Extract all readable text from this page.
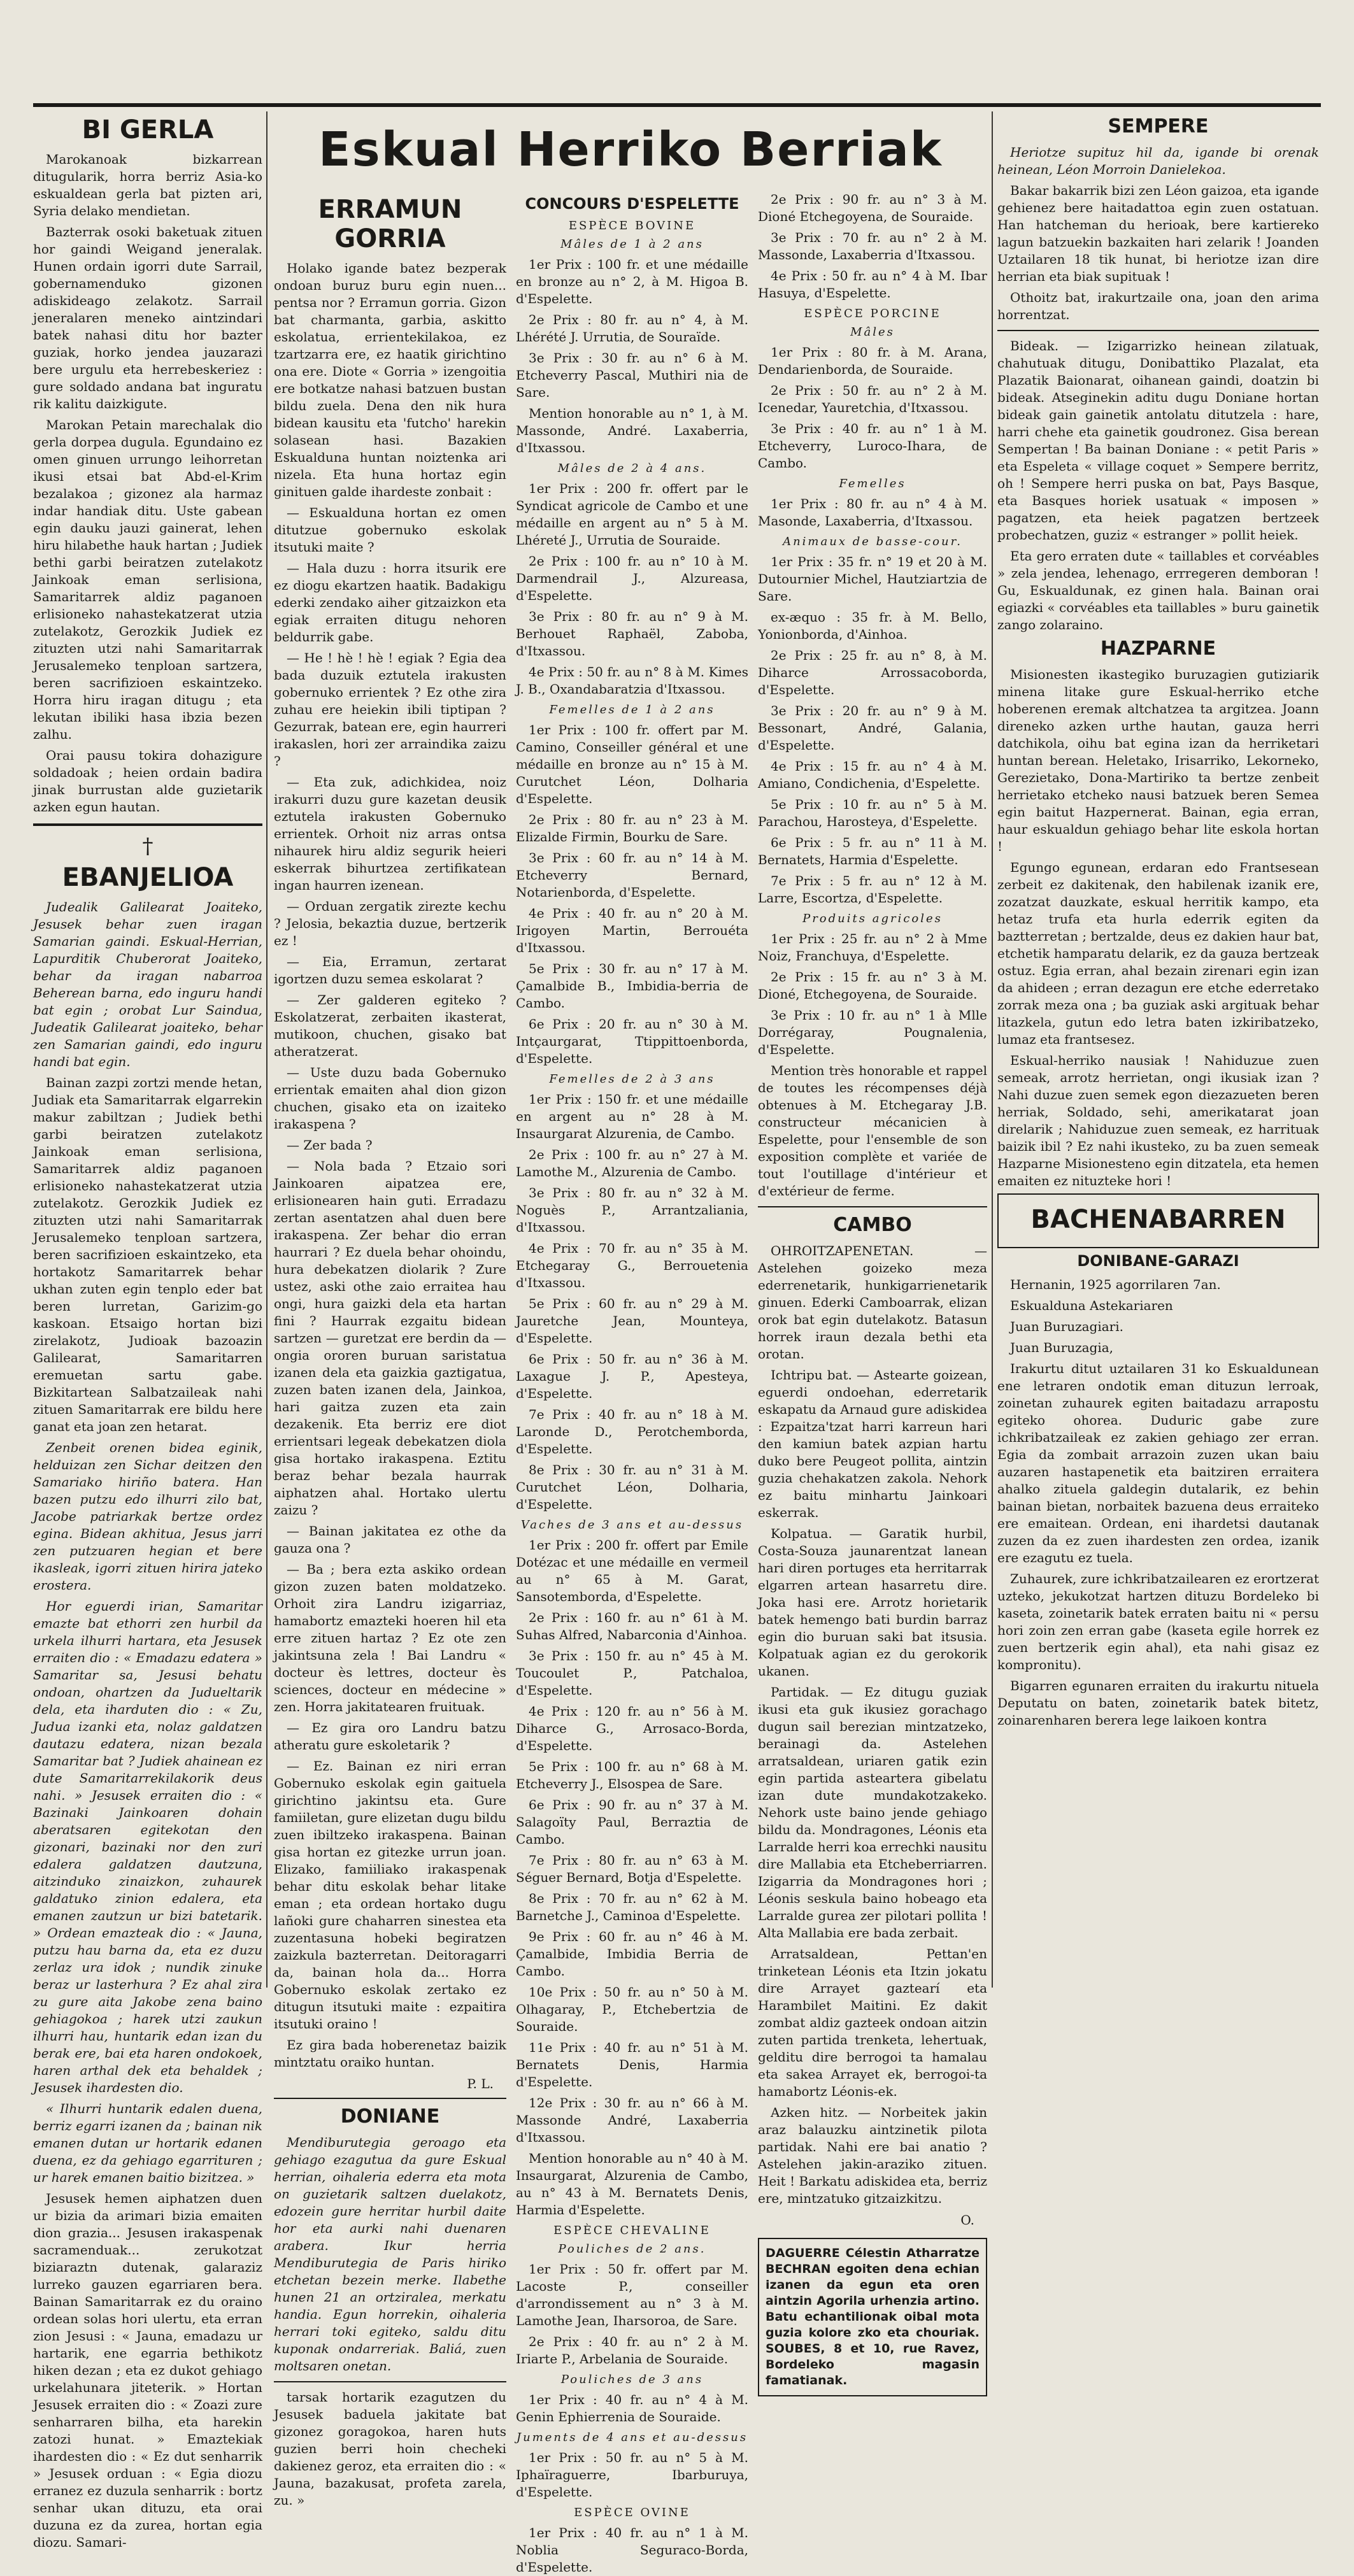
Eskual Herriko Berriak
BI GERLA

Marokanoak bizkarrean ditugularik, horra berriz Asia-ko eskualdean gerla bat pizten ari, Syria delako mendietan.

Bazterrak osoki baketuak zituen hor gaindi Weigand jeneralak. Hunen ordain igorri dute Sarrail, gobernamenduko gizonen adiskideago zelakotz. Sarrail jeneralaren meneko aintzindari batek nahasi ditu hor bazter guziak, horko jendea jauzarazi bere urgulu eta herrebeskeriez : gure soldado andana bat inguratu rik kalitu daizkigute.

Marokan Petain marechalak dio gerla dorpea dugula. Egundaino ez omen ginuen urrungo leihorretan ikusi etsai bat Abd-el-Krim bezalakoa ; gizonez ala harmaz indar handiak ditu. Uste gabean egin dauku jauzi gainerat, lehen hiru hilabethe hauk hartan ; Judiek bethi garbi beiratzen zutelakotz Jainkoak eman serlisiona, Samaritarrek aldiz paganoen erlisioneko nahastekatzerat utzia zutelakotz, Gerozkik Judiek ez zituzten utzi nahi Samaritarrak Jerusalemeko tenploan sartzera, beren sacrifizioen eskaintzeko. Horra hiru iragan ditugu ; eta lekutan ibiliki hasa ibzia bezen zalhu.

Orai pausu tokira dohazigure soldadoak ; heien ordain badira jinak burrustan alde guzietarik azken egun hautan.

†
EBANJELIOA

Judealik Galilearat Joaiteko, Jesusek behar zuen iragan Samarian gaindi. Eskual-Herrian, Lapurditik Chuberorat Joaiteko, behar da iragan nabarroa Beherean barna, edo inguru handi bat egin ; orobat Lur Saindua, Judeatik Galilearat joaiteko, behar zen Samarian gaindi, edo inguru handi bat egin.

Bainan zazpi zortzi mende hetan, Judiak eta Samaritarrak elgarrekin makur zabiltzan ; Judiek bethi garbi beiratzen zutelakotz Jainkoak eman serlisiona, Samaritarrek aldiz paganoen erlisioneko nahastekatzerat utzia zutelakotz. Gerozkik Judiek ez zituzten utzi nahi Samaritarrak Jerusalemeko tenploan sartzera, beren sacrifizioen eskaintzeko, eta hortakotz Samaritarrek behar ukhan zuten egin tenplo eder bat beren lurretan, Garizim-go kaskoan. Etsaigo hortan bizi zirelakotz, Judioak bazoazin Galilearat, Samaritarren eremuetan sartu gabe. Bizkitartean Salbatzaileak nahi zituen Samaritarrak ere bildu here ganat eta joan zen hetarat.

Zenbeit orenen bidea eginik, helduizan zen Sichar deitzen den Samariako hiriño batera. Han bazen putzu edo ilhurri zilo bat, Jacobe patriarkak bertze ordez egina. Bidean akhitua, Jesus jarri zen putzuaren hegian et bere ikasleak, igorri zituen hirira jateko erostera.

Hor eguerdi irian, Samaritar emazte bat ethorri zen hurbil da urkela ilhurri hartara, eta Jesusek erraiten dio : « Emadazu edatera » Samaritar sa, Jesusi behatu ondoan, ohartzen da Judueltarik dela, eta iharduten dio : « Zu, Judua izanki eta, nolaz galdatzen dautazu edatera, nizan bezala Samaritar bat ? Judiek ahainean ez dute Samaritarrekilakorik deus nahi. » Jesusek erraiten dio : « Bazinaki Jainkoaren dohain aberatsaren egitekotan den gizonari, bazinaki nor den zuri edalera galdatzen dautzuna, aitzinduko zinaizkon, zuhaurek galdatuko zinion edalera, eta emanen zautzun ur bizi batetarik. » Ordean emazteak dio : « Jauna, putzu hau barna da, eta ez duzu zerlaz ura idok ; nundik zinuke beraz ur lasterhura ? Ez ahal zira zu gure aita Jakobe zena baino gehiagokoa ; harek utzi zaukun ilhurri hau, huntarik edan izan du berak ere, bai eta haren ondokoek, haren arthal dek eta behaldek ; Jesusek ihardesten dio.

« Ilhurri huntarik edalen duena, berriz egarri izanen da ; bainan nik emanen dutan ur hortarik edanen duena, ez da gehiago egarrituren ; ur harek emanen baitio bizitzea. »

Jesusek hemen aiphatzen duen ur bizia da arimari bizia emaiten dion grazia... Jesusen irakaspenak sacramenduak... zerukotzat biziaraztn dutenak, galaraziz lurreko gauzen egarriaren bera. Bainan Samaritarrak ez du oraino ordean solas hori ulertu, eta erran zion Jesusi : « Jauna, emadazu ur hartarik, ene egarria bethikotz hiken dezan ; eta ez dukot gehiago urkelahunara jiteterik. » Hortan Jesusek erraiten dio : « Zoazi zure senharraren bilha, eta harekin zatozi hunat. » Emaztekiak ihardesten dio : « Ez dut senharrik » Jesusek orduan : « Egia diozu erranez ez duzula senharrik : bortz senhar ukan dituzu, eta orai duzuna ez da zurea, hortan egia diozu. Samari-

ERRAMUN GORRIA

Holako igande batez bezperak ondoan buruz buru egin nuen... pentsa nor ? Erramun gorria. Gizon bat charmanta, garbia, askitto eskolatua, errientekilakoa, ez tzartzarra ere, ez haatik girichtino ona ere. Diote « Gorria » izengoitia ere botkatze nahasi batzuen bustan bildu zuela. Dena den nik hura bidean kausitu eta 'futcho' harekin solasean hasi. Bazakien Eskualduna huntan noiztenka ari nizela. Eta huna hortaz egin ginituen galde ihardeste zonbait :

— Eskualduna hortan ez omen ditutzue gobernuko eskolak itsutuki maite ?

— Hala duzu : horra itsurik ere ez diogu ekartzen haatik. Badakigu ederki zendako aiher gitzaizkon eta egiak erraiten ditugu nehoren beldurrik gabe.

— He ! hè ! hè ! egiak ? Egia dea bada duzuik eztutela irakusten gobernuko errientek ? Ez othe zira zuhau ere heiekin ibili tiptipan ? Gezurrak, batean ere, egin haurreri irakaslen, hori zer arraindika zaizu ?

— Eta zuk, adichkidea, noiz irakurri duzu gure kazetan deusik eztutela irakusten Gobernuko errientek. Orhoit niz arras ontsa nihaurek hiru aldiz segurik heieri eskerrak bihurtzea zertifikatean ingan haurren izenean.

— Orduan zergatik zirezte kechu ? Jelosia, bekaztia duzue, bertzerik ez !

— Eia, Erramun, zertarat igortzen duzu semea eskolarat ?

— Zer galderen egiteko ? Eskolatzerat, zerbaiten ikasterat, mutikoon, chuchen, gisako bat atheratzerat.

— Uste duzu bada Gobernuko errientak emaiten ahal dion gizon chuchen, gisako eta on izaiteko irakaspena ?

— Zer bada ?

— Nola bada ? Etzaio sori Jainkoaren aipatzea ere, erlisionearen hain guti. Erradazu zertan asentatzen ahal duen bere irakaspena. Zer behar dio erran haurrari ? Ez duela behar ohoindu, hura debekatzen diolarik ? Zure ustez, aski othe zaio erraitea hau ongi, hura gaizki dela eta hartan fini ? Haurrak ezgaitu bidean sartzen — guretzat ere berdin da — ongia ororen buruan saristatua izanen dela eta gaizkia gaztigatua, zuzen baten izanen dela, Jainkoa, hari gaitza zuzen eta zain dezakenik. Eta berriz ere diot errientsari legeak debekatzen diola gisa hortako irakaspena. Eztitu beraz behar bezala haurrak aiphatzen ahal. Hortako ulertu zaizu ?

— Bainan jakitatea ez othe da gauza ona ?

— Ba ; bera ezta askiko ordean gizon zuzen baten moldatzeko. Orhoit zira Landru izigarriaz, hamabortz emazteki hoeren hil eta erre zituen hartaz ? Ez ote zen jakintsuna zela ! Bai Landru « docteur ès lettres, docteur ès sciences, docteur en médecine » zen. Horra jakitatearen fruituak.

— Ez gira oro Landru batzu atheratu gure eskoletarik ?

— Ez. Bainan ez niri erran Gobernuko eskolak egin gaituela girichtino jakintsu eta. Gure famiiletan, gure elizetan dugu bildu zuen ibiltzeko irakaspena. Bainan gisa hortan ez gitezke urrun joan. Elizako, famiiliako irakaspenak behar ditu eskolak behar litake eman ; eta ordean hortako dugu lañoki gure chaharren sinestea eta zuzentasuna hobeki begiratzen zaizkula bazterretan. Deitoragarri da, bainan hola da... Horra Gobernuko eskolak zertako ez ditugun itsutuki maite : ezpaitira itsutuki oraino !

Ez gira bada hoberenetaz baizik mintztatu oraiko huntan.

P. L.
DONIANE

Mendiburutegia geroago eta gehiago ezagutua da gure Eskual herrian, oihaleria ederra eta mota on guzietarik saltzen duelakotz, edozein gure herritar hurbil daite hor eta aurki nahi duenaren arabera. Ikur herria Mendiburutegia de Paris hiriko etchetan bezein merke. Ilabethe hunen 21 an ortziralea, merkatu handia. Egun horrekin, oihaleria herrari toki egiteko, saldu ditu kuponak ondarreriak. Baliá, zuen moltsaren onetan.

tarsak hortarik ezagutzen du Jesusek baduela jakitate bat gizonez goragokoa, haren huts guzien berri hoin checheki dakienez geroz, eta erraiten dio : « Jauna, bazakusat, profeta zarela, zu. »

CONCOURS D'ESPELETTE
ESPÈCE BOVINE
Mâles de 1 à 2 ans

1er Prix : 100 fr. et une médaille en bronze au n° 2, à M. Higoa B. d'Espelette.

2e Prix : 80 fr. au n° 4, à M. Lhérété J. Urrutia, de Souraïde.

3e Prix : 30 fr. au n° 6 à M. Etcheverry Pascal, Muthiri nia de Sare.

Mention honorable au n° 1, à M. Massonde, André. Laxaberria, d'Itxassou.

Mâles de 2 à 4 ans.

1er Prix : 200 fr. offert par le Syndicat agricole de Cambo et une médaille en argent au n° 5 à M. Lhéreté J., Urrutia de Souraide.

2e Prix : 100 fr. au n° 10 à M. Darmendrail J., Alzureasa, d'Espelette.

3e Prix : 80 fr. au n° 9 à M. Berhouet Raphaël, Zaboba, d'Itxassou.

4e Prix : 50 fr. au n° 8 à M. Kimes J. B., Oxandabaratzia d'Itxassou.

Femelles de 1 à 2 ans

1er Prix : 100 fr. offert par M. Camino, Conseiller général et une médaille en bronze au n° 15 à M. Curutchet Léon, Dolharia d'Espelette.

2e Prix : 80 fr. au n° 23 à M. Elizalde Firmin, Bourku de Sare.

3e Prix : 60 fr. au n° 14 à M. Etcheverry Bernard, Notarienborda, d'Espelette.

4e Prix : 40 fr. au n° 20 à M. Irigoyen Martin, Berrouéta d'Itxassou.

5e Prix : 30 fr. au n° 17 à M. Çamalbide B., Imbidia-berria de Cambo.

6e Prix : 20 fr. au n° 30 à M. Intçaurgarat, Ttippittoenborda, d'Espelette.

Femelles de 2 à 3 ans

1er Prix : 150 fr. et une médaille en argent au n° 28 à M. Insaurgarat Alzurenia, de Cambo.

2e Prix : 100 fr. au n° 27 à M. Lamothe M., Alzurenia de Cambo.

3e Prix : 80 fr. au n° 32 à M. Noguès P., Arrantzaliania, d'Itxassou.

4e Prix : 70 fr. au n° 35 à M. Etchegaray G., Berrouetenia d'Itxassou.

5e Prix : 60 fr. au n° 29 à M. Jauretche Jean, Mounteya, d'Espelette.

6e Prix : 50 fr. au n° 36 à M. Laxague J. P., Apesteya, d'Espelette.

7e Prix : 40 fr. au n° 18 à M. Laronde D., Perotchemborda, d'Espelette.

8e Prix : 30 fr. au n° 31 à M. Curutchet Léon, Dolharia, d'Espelette.

Vaches de 3 ans et au-dessus

1er Prix : 200 fr. offert par Emile Dotézac et une médaille en vermeil au n° 65 à M. Garat, Sansotemborda, d'Espelette.

2e Prix : 160 fr. au n° 61 à M. Suhas Alfred, Nabarconia d'Ainhoa.

3e Prix : 150 fr. au n° 45 à M. Toucoulet P., Patchaloa, d'Espelette.

4e Prix : 120 fr. au n° 56 à M. Diharce G., Arrosaco-Borda, d'Espelette.

5e Prix : 100 fr. au n° 68 à M. Etcheverry J., Elsospea de Sare.

6e Prix : 90 fr. au n° 37 à M. Salagoïty Paul, Berraztia de Cambo.

7e Prix : 80 fr. au n° 63 à M. Séguer Bernard, Botja d'Espelette.

8e Prix : 70 fr. au n° 62 à M. Barnetche J., Caminoa d'Espelette.

9e Prix : 60 fr. au n° 46 à M. Çamalbide, Imbidia Berria de Cambo.

10e Prix : 50 fr. au n° 50 à M. Olhagaray, P., Etchebertzia de Souraide.

11e Prix : 40 fr. au n° 51 à M. Bernatets Denis, Harmia d'Espelette.

12e Prix : 30 fr. au n° 66 à M. Massonde André, Laxaberria d'Itxassou.

Mention honorable au n° 40 à M. Insaurgarat, Alzurenia de Cambo, au n° 43 à M. Bernatets Denis, Harmia d'Espelette.

ESPÈCE CHEVALINE
Pouliches de 2 ans.

1er Prix : 50 fr. offert par M. Lacoste P., conseiller d'arrondissement au n° 3 à M. Lamothe Jean, Iharsoroa, de Sare.

2e Prix : 40 fr. au n° 2 à M. Iriarte P., Arbelania de Souraide.

Pouliches de 3 ans

1er Prix : 40 fr. au n° 4 à M. Genin Ephierrenia de Souraide.

Juments de 4 ans et au-dessus

1er Prix : 50 fr. au n° 5 à M. Iphaïraguerre, Ibarburuya, d'Espelette.

ESPÈCE OVINE

1er Prix : 40 fr. au n° 1 à M. Noblia Seguraco-Borda, d'Espelette.

2e Prix : 90 fr. au n° 3 à M. Dioné Etchegoyena, de Souraide.

3e Prix : 70 fr. au n° 2 à M. Massonde, Laxaberria d'Itxassou.

4e Prix : 50 fr. au n° 4 à M. Ibar Hasuya, d'Espelette.

ESPÈCE PORCINE
Mâles

1er Prix : 80 fr. à M. Arana, Dendarienborda, de Souraide.

2e Prix : 50 fr. au n° 2 à M. Icenedar, Yauretchia, d'Itxassou.

3e Prix : 40 fr. au n° 1 à M. Etcheverry, Luroco-Ihara, de Cambo.

Femelles

1er Prix : 80 fr. au n° 4 à M. Masonde, Laxaberria, d'Itxassou.

Animaux de basse-cour.

1er Prix : 35 fr. n° 19 et 20 à M. Dutournier Michel, Hautziartzia de Sare.

ex-æquo : 35 fr. à M. Bello, Yonionborda, d'Ainhoa.

2e Prix : 25 fr. au n° 8, à M. Diharce Arrossacoborda, d'Espelette.

3e Prix : 20 fr. au n° 9 à M. Bessonart, André, Galania, d'Espelette.

4e Prix : 15 fr. au n° 4 à M. Amiano, Condichenia, d'Espelette.

5e Prix : 10 fr. au n° 5 à M. Parachou, Harosteya, d'Espelette.

6e Prix : 5 fr. au n° 11 à M. Bernatets, Harmia d'Espelette.

7e Prix : 5 fr. au n° 12 à M. Larre, Escortza, d'Espelette.

Produits agricoles

1er Prix : 25 fr. au n° 2 à Mme Noiz, Franchuya, d'Espelette.

2e Prix : 15 fr. au n° 3 à M. Dioné, Etchegoyena, de Souraide.

3e Prix : 10 fr. au n° 1 à Mlle Dorrégaray, Pougnalenia, d'Espelette.

Mention très honorable et rappel de toutes les récompenses déjà obtenues à M. Etchegaray J.B. constructeur mécanicien à Espelette, pour l'ensemble de son exposition complète et variée de tout l'outillage d'intérieur et d'extérieur de ferme.

CAMBO

OHROITZAPENETAN. — Astelehen goizeko meza ederrenetarik, hunkigarrienetarik ginuen. Ederki Camboarrak, elizan orok bat egin dutelakotz. Batasun horrek iraun dezala bethi eta orotan.

Ichtripu bat. — Astearte goizean, eguerdi ondoehan, ederretarik eskapatu da Arnaud gure adiskidea : Ezpaitza'tzat harri karreun hari den kamiun batek azpian hartu duko bere Peugeot pollita, aintzin guzia chehakatzen zakola. Nehork ez baitu minhartu Jainkoari eskerrak.

Kolpatua. — Garatik hurbil, Costa-Souza jaunarentzat lanean hari diren portuges eta herritarrak elgarren artean hasarretu dire. Joka hasi ere. Arrotz horietarik batek hemengo bati burdin barraz egin dio buruan saki bat itsusia. Kolpatuak agian ez du gerokorik ukanen.

Partidak. — Ez ditugu guziak ikusi eta guk ikusiez gorachago dugun sail berezian mintzatzeko, berainagi da. Astelehen arratsaldean, uriaren gatik ezin egin partida asteartera gibelatu izan dute mundakotzakeko. Nehork uste baino jende gehiago bildu da. Mondragones, Léonis eta Larralde herri koa errechki nausitu dire Mallabia eta Etcheberriarren. Izigarria da Mondragones hori ; Léonis seskula baino hobeago eta Larralde gurea zer pilotari pollita ! Alta Mallabia ere bada zerbait.

Arratsaldean, Pettan'en trinketean Léonis eta Itzin jokatu dire Arrayet gaztearí eta Harambilet Maitini. Ez dakit zombat aldiz gazteek ondoan aitzin zuten partida trenketa, lehertuak, gelditu dire berrogoi ta hamalau eta sakea Arrayet ek, berrogoi-ta hamabortz Léonis-ek.

Azken hitz. — Norbeitek jakin araz balauzku aintzinetik pilota partidak. Nahi ere bai anatio ? Astelehen jakin-araziko zituen. Heit ! Barkatu adiskidea eta, berriz ere, mintzatuko gitzaizkitzu.

O.
DAGUERRE Célestin Atharratze BECHRAN egoiten dena echian izanen da egun eta oren aintzin Agorila urhenzia artino. Batu echantilionak oibal mota guzia kolore zko eta chouriak. SOUBES, 8 et 10, rue Ravez, Bordeleko magasin famatianak.
SEMPERE

Heriotze supituz hil da, igande bi orenak heinean, Léon Morroin Danielekoa.

Bakar bakarrik bizi zen Léon gaizoa, eta igande gehienez bere haitadattoa egin zuen ostatuan. Han hatcheman du herioak, bere kartiereko lagun batzuekin bazkaiten hari zelarik ! Joanden Uztailaren 18 tik hunat, bi heriotze izan dire herrian eta biak supituak !

Othoitz bat, irakurtzaile ona, joan den arima horrentzat.

Bideak. — Izigarrizko heinean zilatuak, chahutuak ditugu, Donibattiko Plazalat, eta Plazatik Baionarat, oihanean gaindi, doatzin bi bideak. Atseginekin aditu dugu Doniane hortan bideak gain gainetik antolatu ditutzela : hare, harri chehe eta gainetik goudronez. Gisa berean Sempertan ! Ba bainan Doniane : « petit Paris » eta Espeleta « village coquet » Sempere berritz, oh ! Sempere herri puska on bat, Pays Basque, eta Basques horiek usatuak « imposen » pagatzen, eta heiek pagatzen bertzeek probechatzen, guziz « estranger » pollit heiek.

Eta gero erraten dute « taillables et corvéables » zela jendea, lehenago, errregeren demboran ! Gu, Eskualdunak, ez ginen hala. Bainan orai egiazki « corvéables eta taillables » buru gainetik zango zolaraino.

HAZPARNE

Misionesten ikastegiko buruzagien gutiziarik minena litake gure Eskual-herriko etche hoberenen eremak altchatzea ta argitzea. Joann direneko azken urthe hautan, gauza herri datchikola, oihu bat egina izan da herriketari huntan berean. Heletako, Irisarriko, Lekorneko, Gerezietako, Dona-Martiriko ta bertze zenbeit herrietako etcheko nausi batzuek beren Semea egin baitut Hazpernerat. Bainan, egia erran, haur eskualdun gehiago behar lite eskola hortan !

Egungo egunean, erdaran edo Frantsesean zerbeit ez dakitenak, den habilenak izanik ere, zozatzat dauzkate, eskual herritik kampo, eta hetaz trufa eta hurla ederrik egiten da baztterretan ; bertzalde, deus ez dakien haur bat, etchetik hamparatu delarik, ez da gauza bertzeak ostuz. Egia erran, ahal bezain zirenari egin izan da ahideen ; erran dezagun ere etche ederretako zorrak meza ona ; ba guziak aski argituak behar litazkela, gutun edo letra baten izkiribatzeko, lumaz eta frantsesez.

Eskual-herriko nausiak ! Nahiduzue zuen semeak, arrotz herrietan, ongi ikusiak izan ? Nahi duzue zuen semek egon diezazueten beren herriak, Soldado, sehi, amerikatarat joan direlarik ; Nahiduzue zuen semeak, ez harrituak baizik ibil ? Ez nahi ikusteko, zu ba zuen semeak Hazparne Misionesteno egin ditzatela, eta hemen emaiten ez nituzteke hori !

BACHENABARREN
DONIBANE-GARAZI

Hernanin, 1925 agorrilaren 7an.

Eskualduna Astekariaren

Juan Buruzagiari.

Juan Buruzagia,

Irakurtu ditut uztailaren 31 ko Eskualdunean ene letraren ondotik eman dituzun lerroak, zoinetan zuhaurek egiten baitadazu arrapostu egiteko ohorea. Duduric gabe zure ichkribatzaileak ez zakien gehiago zer erran. Egia da zombait arrazoin zuzen ukan baiu auzaren hastapenetik eta baitziren erraitera ahalko zituela galdegin dutalarik, ez behin bainan bietan, norbaitek bazuena deus erraiteko ere emaitean. Ordean, eni ihardetsi dautanak zuzen da ez zuen ihardesten zen ordea, izanik ere ezagutu ez tuela.

Zuhaurek, zure ichkribatzailearen ez erortzerat uzteko, jekukotzat hartzen dituzu Bordeleko bi kaseta, zoinetarik batek erraten baitu ni « persu hori zoin zen erran gabe (kaseta egile horrek ez zuen bertzerik egin ahal), eta nahi gisaz ez kompronitu).

Bigarren egunaren erraiten du irakurtu nituela Deputatu on baten, zoinetarik batek bitetz, zoinarenharen berera lege laikoen kontra
